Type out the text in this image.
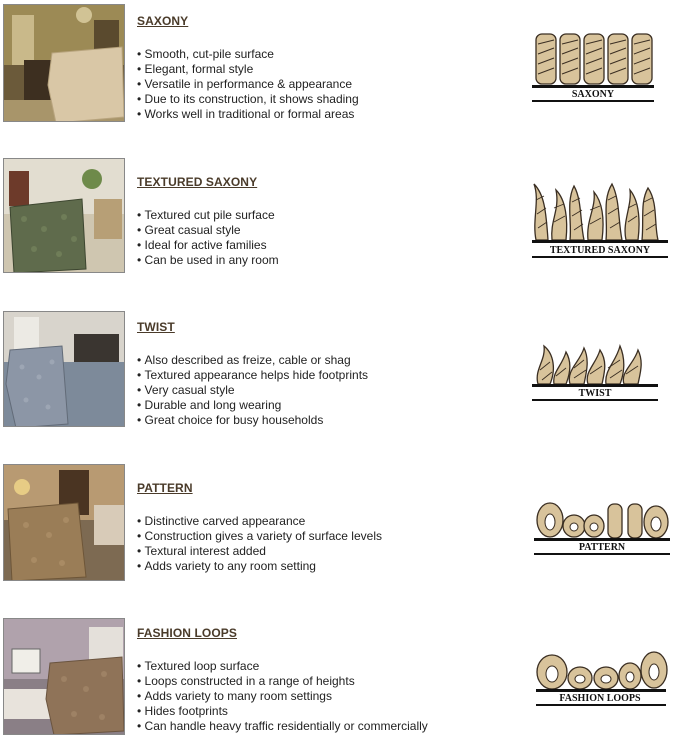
SAXONY
• Smooth, cut-pile surface
• Elegant, formal style
• Versatile in performance & appearance
• Due to its construction, it shows shading
• Works well in traditional or formal areas
SAXONY
TEXTURED SAXONY
• Textured cut pile surface
• Great casual style
• Ideal for active families
• Can be used in any room
TEXTURED SAXONY
TWIST
• Also described as freize, cable or shag
• Textured appearance helps hide footprints
• Very casual style
• Durable and long wearing
• Great choice for busy households
TWIST
PATTERN
• Distinctive carved appearance
• Construction gives a variety of surface levels
• Textural interest added
• Adds variety to any room setting
PATTERN
FASHION LOOPS
• Textured loop surface
• Loops constructed in a range of heights
• Adds variety to many room settings
• Hides footprints
• Can handle heavy traffic residentially or commercially
FASHION LOOPS
